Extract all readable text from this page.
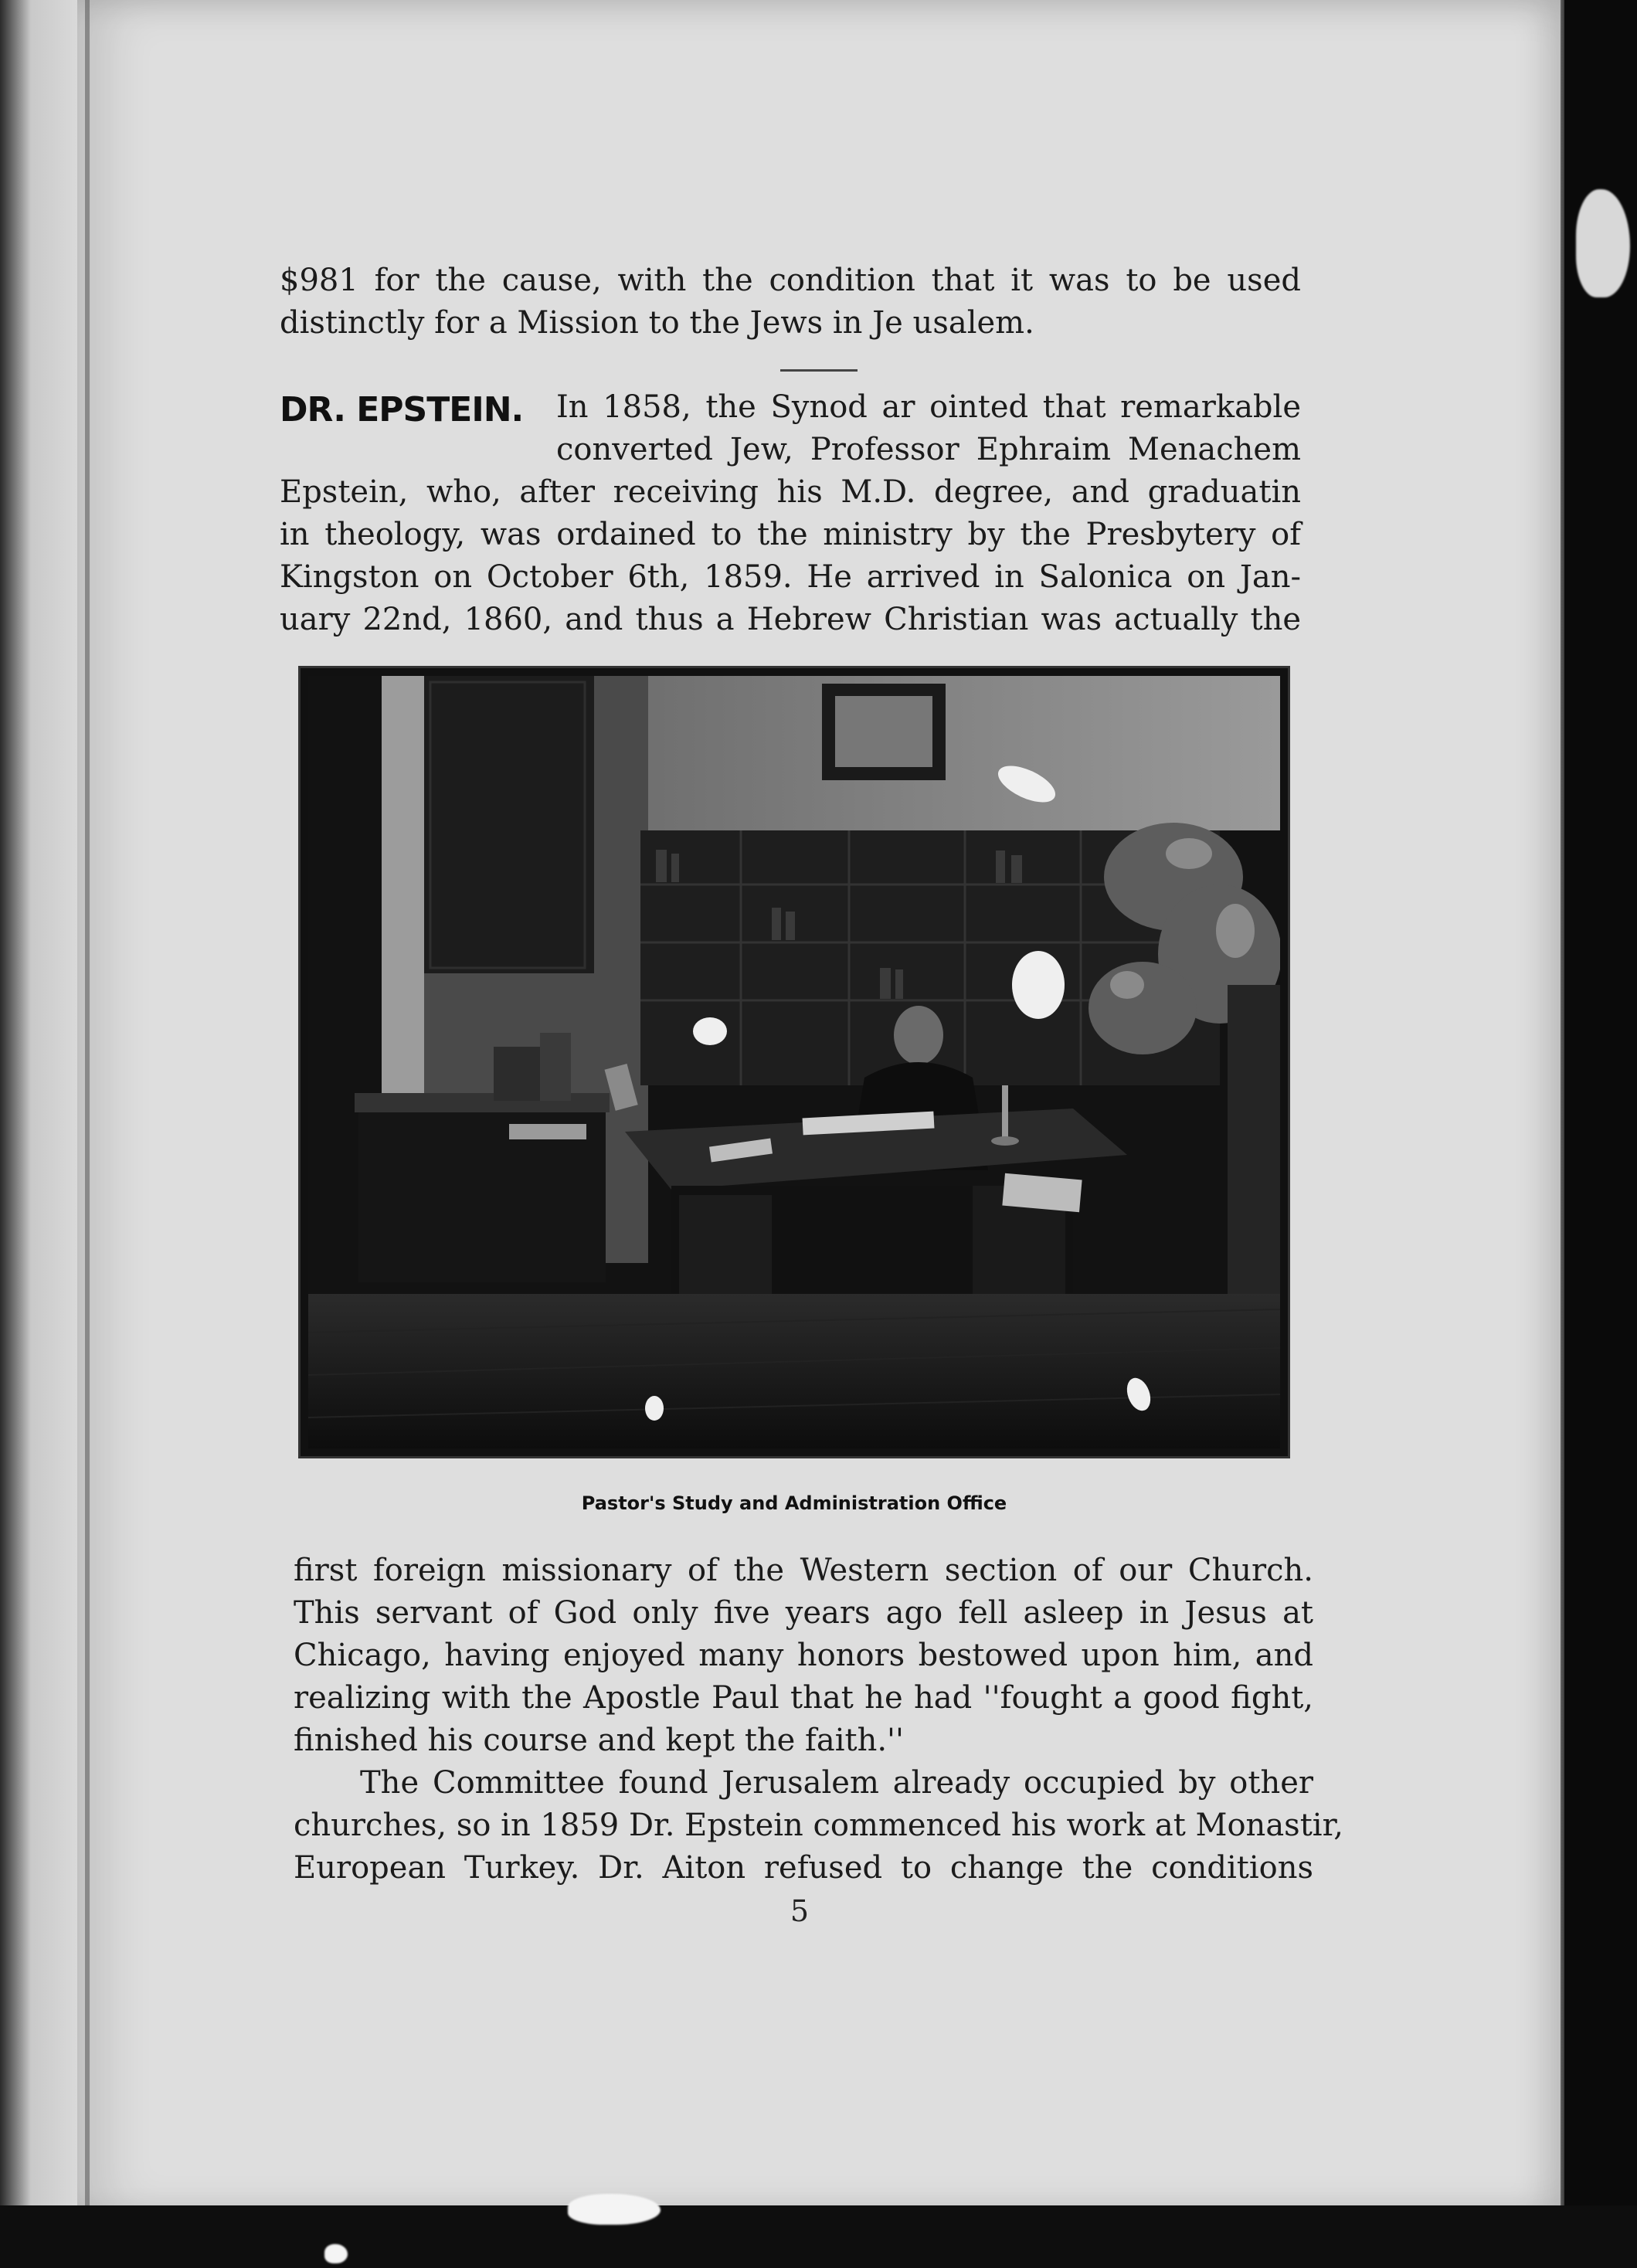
$981 for the cause, with the condition that it was to be used
distinctly for a Mission to the Jews in Je usalem.

DR. EPSTEIN. In 1858, the Synod ar ointed that remarkable
converted Jew, Professor Ephraim Menachem

Epstein, who, after receiving his M.D. degree, and graduatin
in theology, was ordained to the ministry by the Presbytery of
Kingston on October 6th, 1859. He arrived in Salonica on Jan-
uary 22nd, 1860, and thus a Hebrew Christian was actually the

Pastor's Study and Administration Office

first foreign missionary of the Western section of our Church.
This servant of God only five years ago fell asleep in Jesus at
Chicago, having enjoyed many honors bestowed upon him, and
realizing with the Apostle Paul that he had ''fought a good fight,
finished his course and kept the faith.''

The Committee found Jerusalem already occupied by other
churches, so in 1859 Dr. Epstein commenced his work at Monastir,
European Turkey. Dr. Aiton refused to change the conditions

5
